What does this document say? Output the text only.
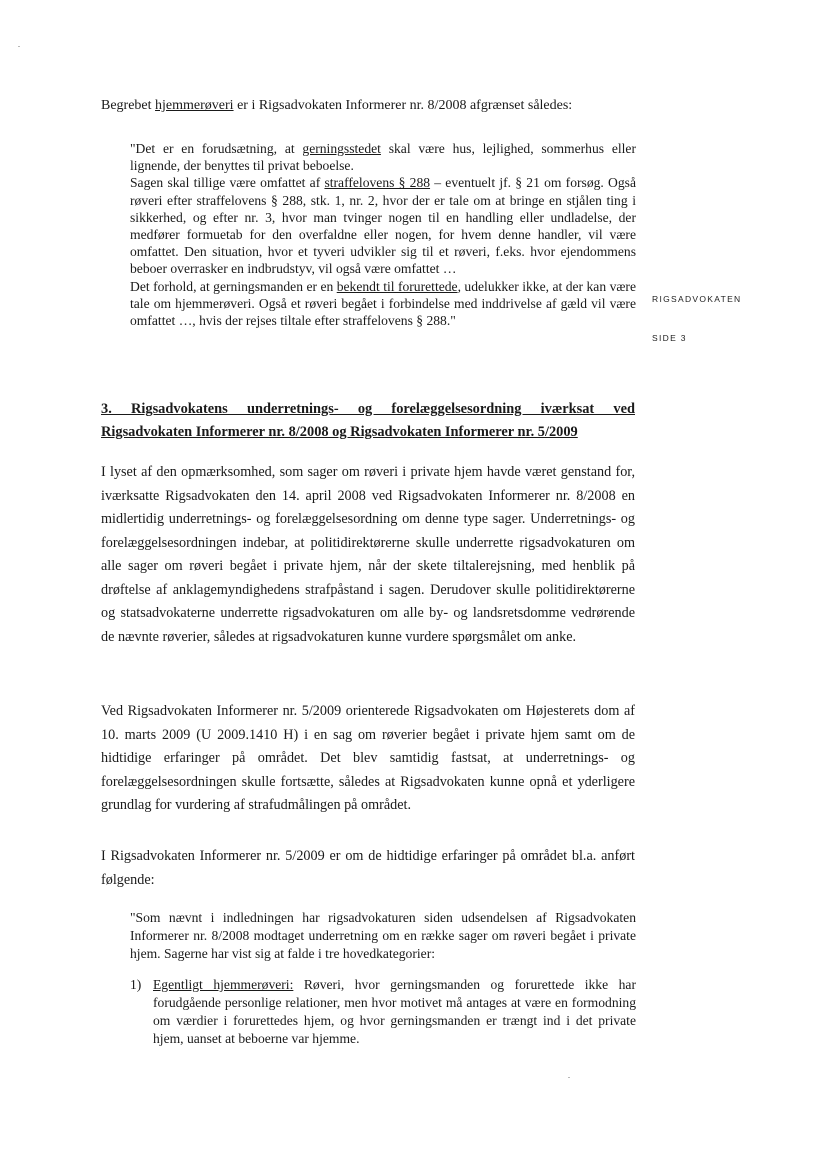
Begrebet hjemmerøveri er i Rigsadvokaten Informerer nr. 8/2008 afgrænset således:

"Det er en forudsætning, at gerningsstedet skal være hus, lejlighed, sommerhus eller lignende, der benyttes til privat beboelse.

Sagen skal tillige være omfattet af straffelovens § 288 – eventuelt jf. § 21 om forsøg. Også røveri efter straffelovens § 288, stk. 1, nr. 2, hvor der er tale om at bringe en stjålen ting i sikkerhed, og efter nr. 3, hvor man tvinger nogen til en handling eller undladelse, der medfører formuetab for den overfaldne eller nogen, for hvem denne handler, vil være omfattet. Den situation, hvor et tyveri udvikler sig til et røveri, f.eks. hvor ejendommens beboer overrasker en indbrudstyv, vil også være omfattet …

Det forhold, at gerningsmanden er en bekendt til forurettede, udelukker ikke, at der kan være tale om hjemmerøveri. Også et røveri begået i forbindelse med inddrivelse af gæld vil være omfattet …, hvis der rejses tiltale efter straffelovens § 288."

RIGSADVOKATEN
SIDE 3
3. Rigsadvokatens underretnings- og forelæggelsesordning iværksat ved Rigsadvokaten Informerer nr. 8/2008 og Rigsadvokaten Informerer nr. 5/2009

I lyset af den opmærksomhed, som sager om røveri i private hjem havde været genstand for, iværksatte Rigsadvokaten den 14. april 2008 ved Rigsadvokaten Informerer nr. 8/2008 en midlertidig underretnings- og forelæggelsesordning om denne type sager. Underretnings- og forelæggelsesordningen indebar, at politidirektørerne skulle underrette rigsadvokaturen om alle sager om røveri begået i private hjem, når der skete tiltalerejsning, med henblik på drøftelse af anklagemyndighedens strafpåstand i sagen. Derudover skulle politidirektørerne og statsadvokaterne underrette rigsadvokaturen om alle by- og landsretsdomme vedrørende de nævnte røverier, således at rigsadvokaturen kunne vurdere spørgsmålet om anke.

Ved Rigsadvokaten Informerer nr. 5/2009 orienterede Rigsadvokaten om Højesterets dom af 10. marts 2009 (U 2009.1410 H) i en sag om røverier begået i private hjem samt om de hidtidige erfaringer på området. Det blev samtidig fastsat, at underretnings- og forelæggelsesordningen skulle fortsætte, således at Rigsadvokaten kunne opnå et yderligere grundlag for vurdering af strafudmålingen på området.

I Rigsadvokaten Informerer nr. 5/2009 er om de hidtidige erfaringer på området bl.a. anført følgende:

"Som nævnt i indledningen har rigsadvokaturen siden udsendelsen af Rigsadvokaten Informerer nr. 8/2008 modtaget underretning om en række sager om røveri begået i private hjem. Sagerne har vist sig at falde i tre hovedkategorier:

1) Egentligt hjemmerøveri: Røveri, hvor gerningsmanden og forurettede ikke har forudgående personlige relationer, men hvor motivet må antages at være en formodning om værdier i forurettedes hjem, og hvor gerningsmanden er trængt ind i det private hjem, uanset at beboerne var hjemme.
